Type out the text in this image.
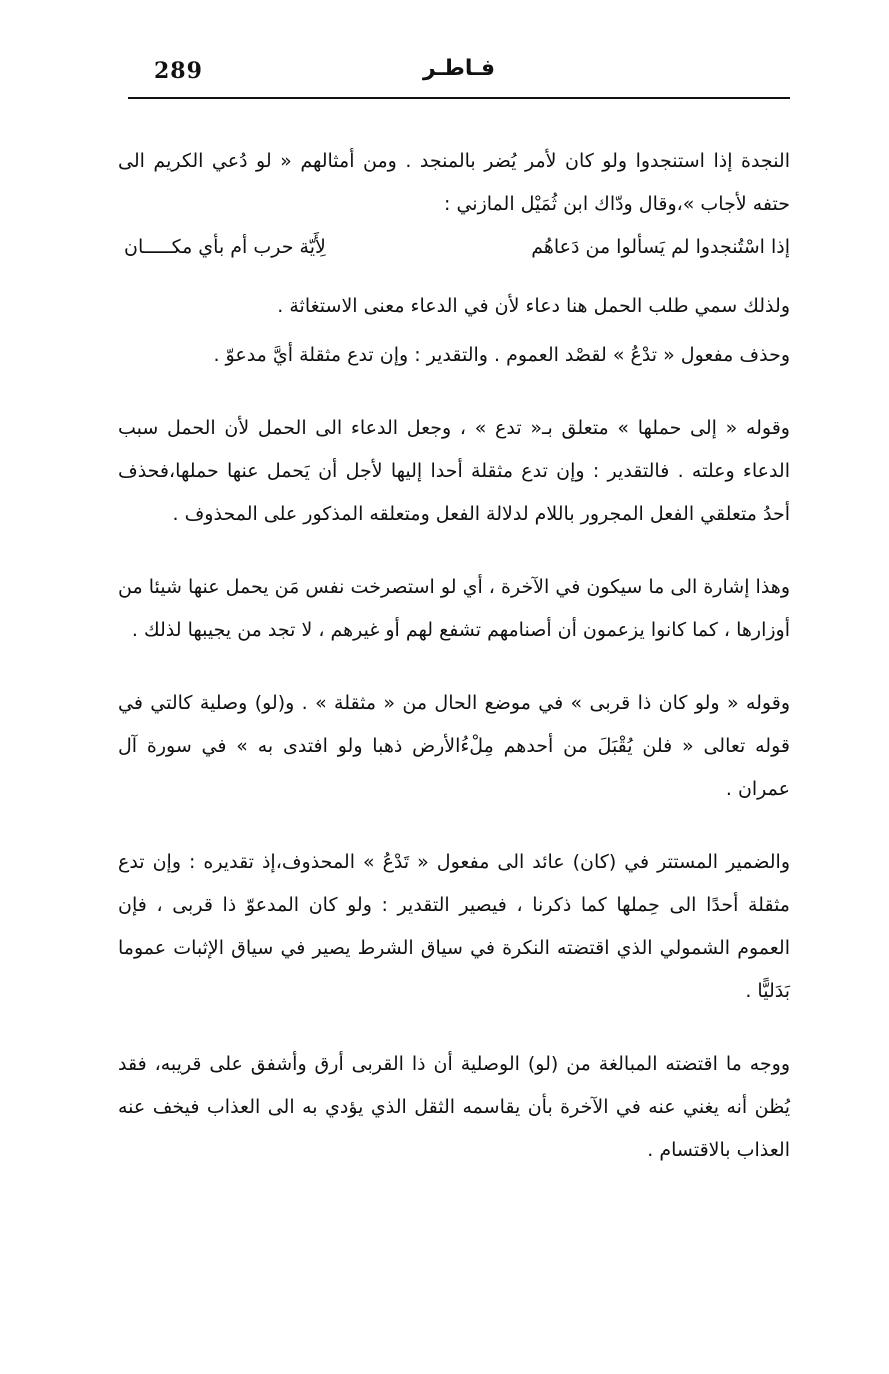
289	فـاطـر

النجدة إذا استنجدوا ولو كان لأمر يُضر بالمنجد . ومن أمثالهم « لو دُعي الكريم الى حتفه لأجاب »،وقال ودّاك ابن ثُمَيْل المازني :

إذا اسْتُنجدوا لم يَسألوا من دَعاهُم
لِأَيّة حرب أم بأي مكـــــان

ولذلك سمي طلب الحمل هنا دعاء لأن في الدعاء معنى الاستغاثة .

وحذف مفعول « تدْعُ » لقصْد العموم . والتقدير : وإن تدع مثقلة أيَّ مدعوّ .

وقوله « إلى حملها » متعلق بـ« تدع » ، وجعل الدعاء الى الحمل لأن الحمل سبب الدعاء وعلته . فالتقدير : وإن تدع مثقلة أحدا إليها لأجل أن يَحمل عنها حملها،فحذف أحدُ متعلقي الفعل المجرور باللام لدلالة الفعل ومتعلقه المذكور على المحذوف .

وهذا إشارة الى ما سيكون في الآخرة ، أي لو استصرخت نفس مَن يحمل عنها شيئا من أوزارها ، كما كانوا يزعمون أن أصنامهم تشفع لهم أو غيرهم ، لا تجد من يجيبها لذلك .

وقوله « ولو كان ذا قربى » في موضع الحال من « مثقلة » . و(لو) وصلية كالتي في قوله تعالى « فلن يُقْبَلَ من أحدهم مِلْءُالأرض ذهبا ولو افتدى به » في سورة آل عمران .

والضمير المستتر في (كان) عائد الى مفعول « تَدْعُ » المحذوف،إذ تقديره : وإن تدع مثقلة أحدًا الى حِملها كما ذكرنا ، فيصير التقدير : ولو كان المدعوّ ذا قربى ، فإن العموم الشمولي الذي اقتضته النكرة في سياق الشرط يصير في سياق الإثبات عموما بَدَليًّا .

ووجه ما اقتضته المبالغة من (لو) الوصلية أن ذا القربى أرق وأشفق على قريبه، فقد يُظن أنه يغني عنه في الآخرة بأن يقاسمه الثقل الذي يؤدي به الى العذاب فيخف عنه العذاب بالاقتسام .
